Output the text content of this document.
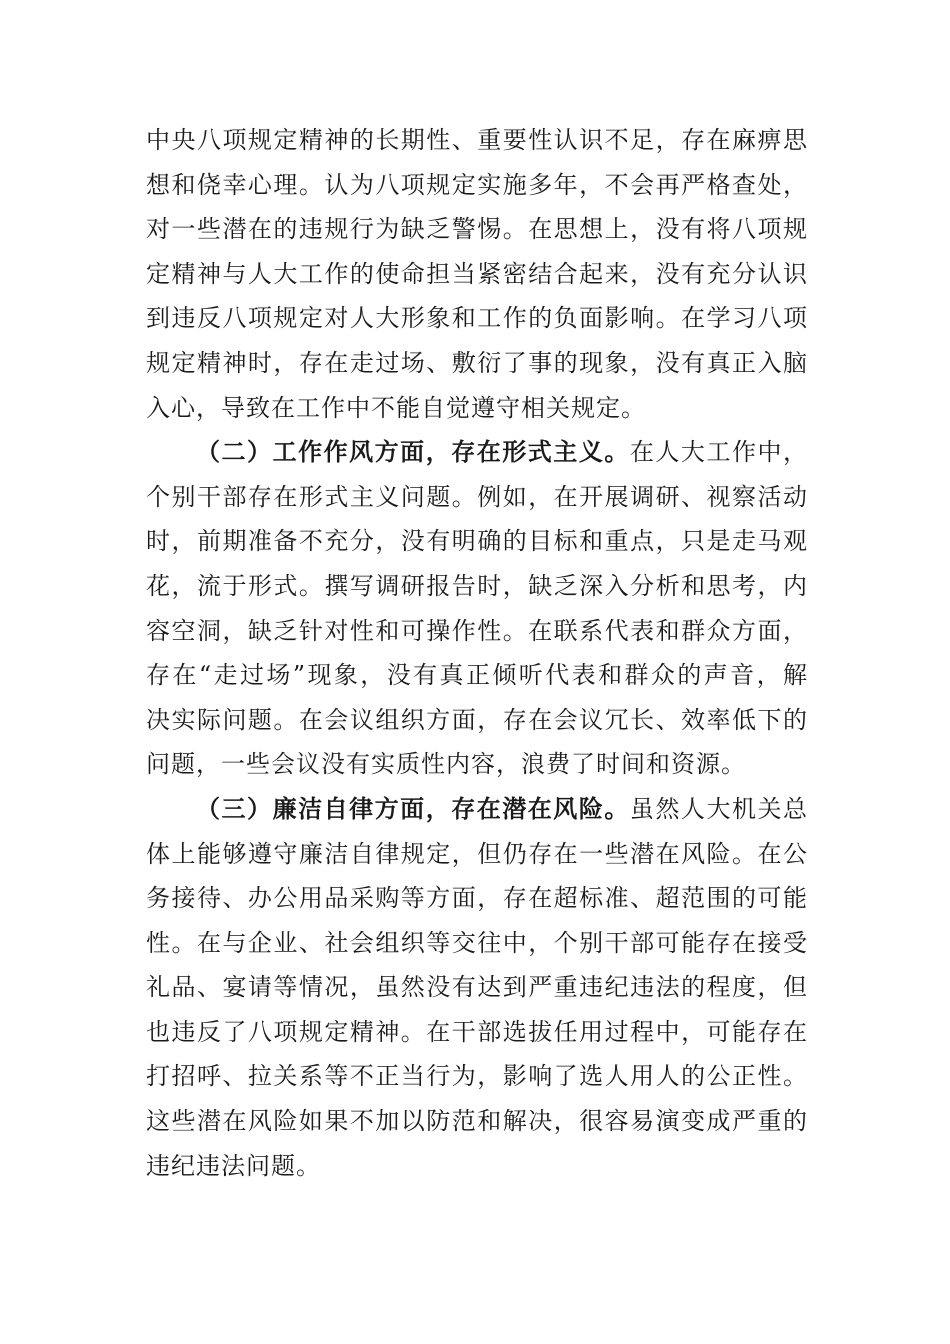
中央八项规定精神的长期性、重要性认识不足，存在麻痹思
想和侥幸心理。认为八项规定实施多年，不会再严格查处，
对一些潜在的违规行为缺乏警惕。在思想上，没有将八项规
定精神与人大工作的使命担当紧密结合起来，没有充分认识
到违反八项规定对人大形象和工作的负面影响。在学习八项
规定精神时，存在走过场、敷衍了事的现象，没有真正入脑
入心，导致在工作中不能自觉遵守相关规定。
（二）工作作风方面，存在形式主义。在人大工作中，
个别干部存在形式主义问题。例如，在开展调研、视察活动
时，前期准备不充分，没有明确的目标和重点，只是走马观
花，流于形式。撰写调研报告时，缺乏深入分析和思考，内
容空洞，缺乏针对性和可操作性。在联系代表和群众方面，
存在“走过场”现象，没有真正倾听代表和群众的声音，解
决实际问题。在会议组织方面，存在会议冗长、效率低下的
问题，一些会议没有实质性内容，浪费了时间和资源。
（三）廉洁自律方面，存在潜在风险。虽然人大机关总
体上能够遵守廉洁自律规定，但仍存在一些潜在风险。在公
务接待、办公用品采购等方面，存在超标准、超范围的可能
性。在与企业、社会组织等交往中，个别干部可能存在接受
礼品、宴请等情况，虽然没有达到严重违纪违法的程度，但
也违反了八项规定精神。在干部选拔任用过程中，可能存在
打招呼、拉关系等不正当行为，影响了选人用人的公正性。
这些潜在风险如果不加以防范和解决，很容易演变成严重的
违纪违法问题。
